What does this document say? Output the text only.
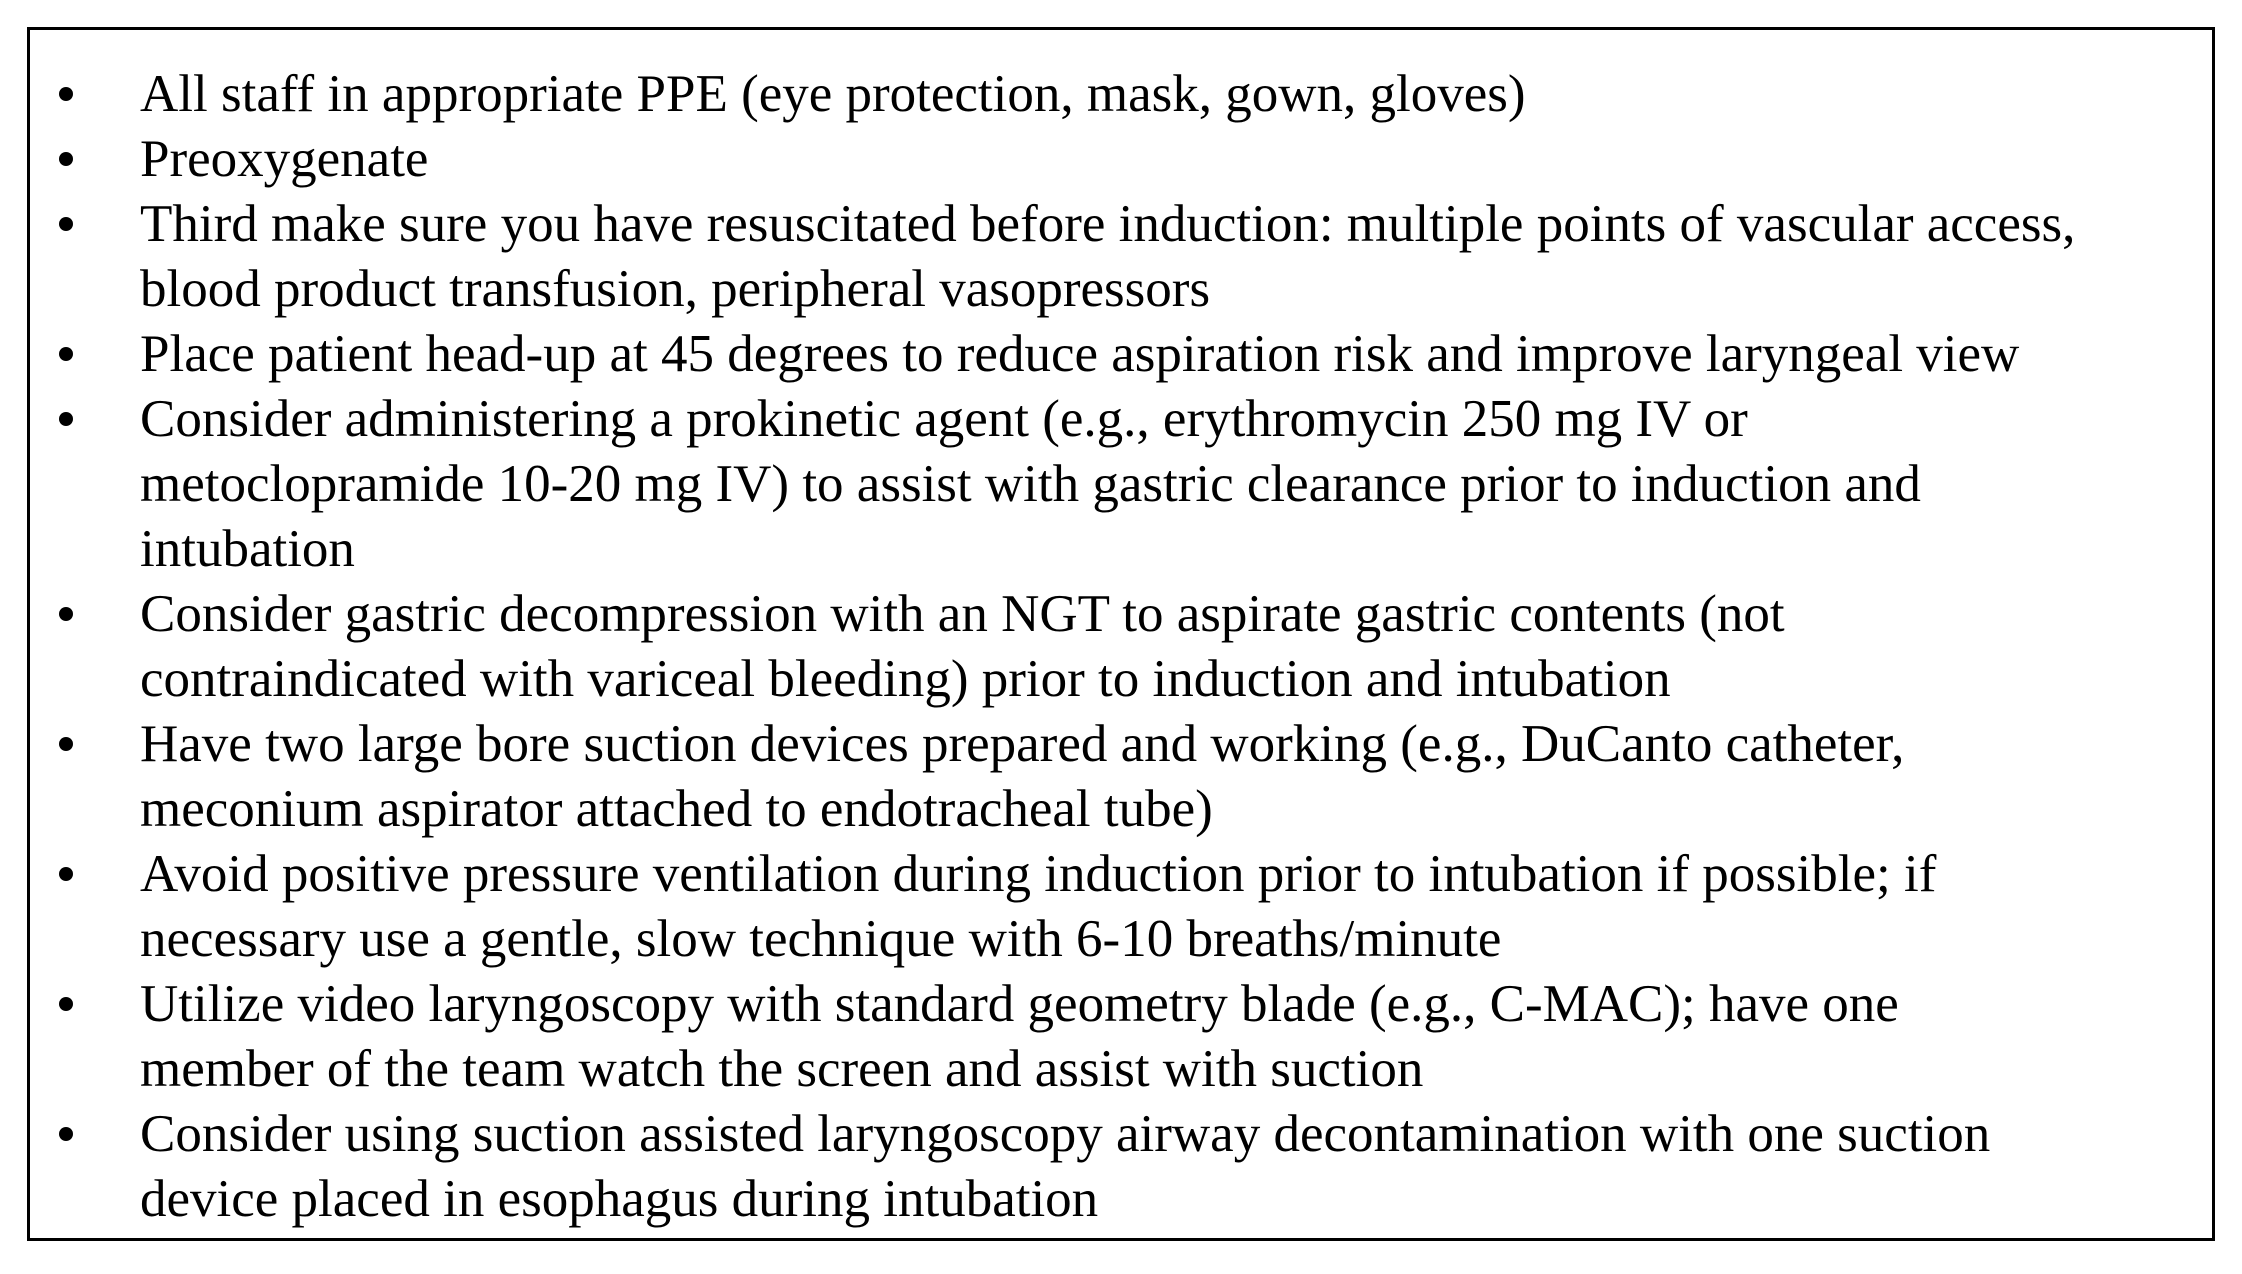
All staff in appropriate PPE (eye protection, mask, gown, gloves)
Preoxygenate
Third make sure you have resuscitated before induction: multiple points of vascular access,
blood product transfusion, peripheral vasopressors
Place patient head-up at 45 degrees to reduce aspiration risk and improve laryngeal view
Consider administering a prokinetic agent (e.g., erythromycin 250 mg IV or
metoclopramide 10-20 mg IV) to assist with gastric clearance prior to induction and
intubation
Consider gastric decompression with an NGT to aspirate gastric contents (not
contraindicated with variceal bleeding) prior to induction and intubation
Have two large bore suction devices prepared and working (e.g., DuCanto catheter,
meconium aspirator attached to endotracheal tube)
Avoid positive pressure ventilation during induction prior to intubation if possible; if
necessary use a gentle, slow technique with 6-10 breaths/minute
Utilize video laryngoscopy with standard geometry blade (e.g., C-MAC); have one
member of the team watch the screen and assist with suction
Consider using suction assisted laryngoscopy airway decontamination with one suction
device placed in esophagus during intubation
